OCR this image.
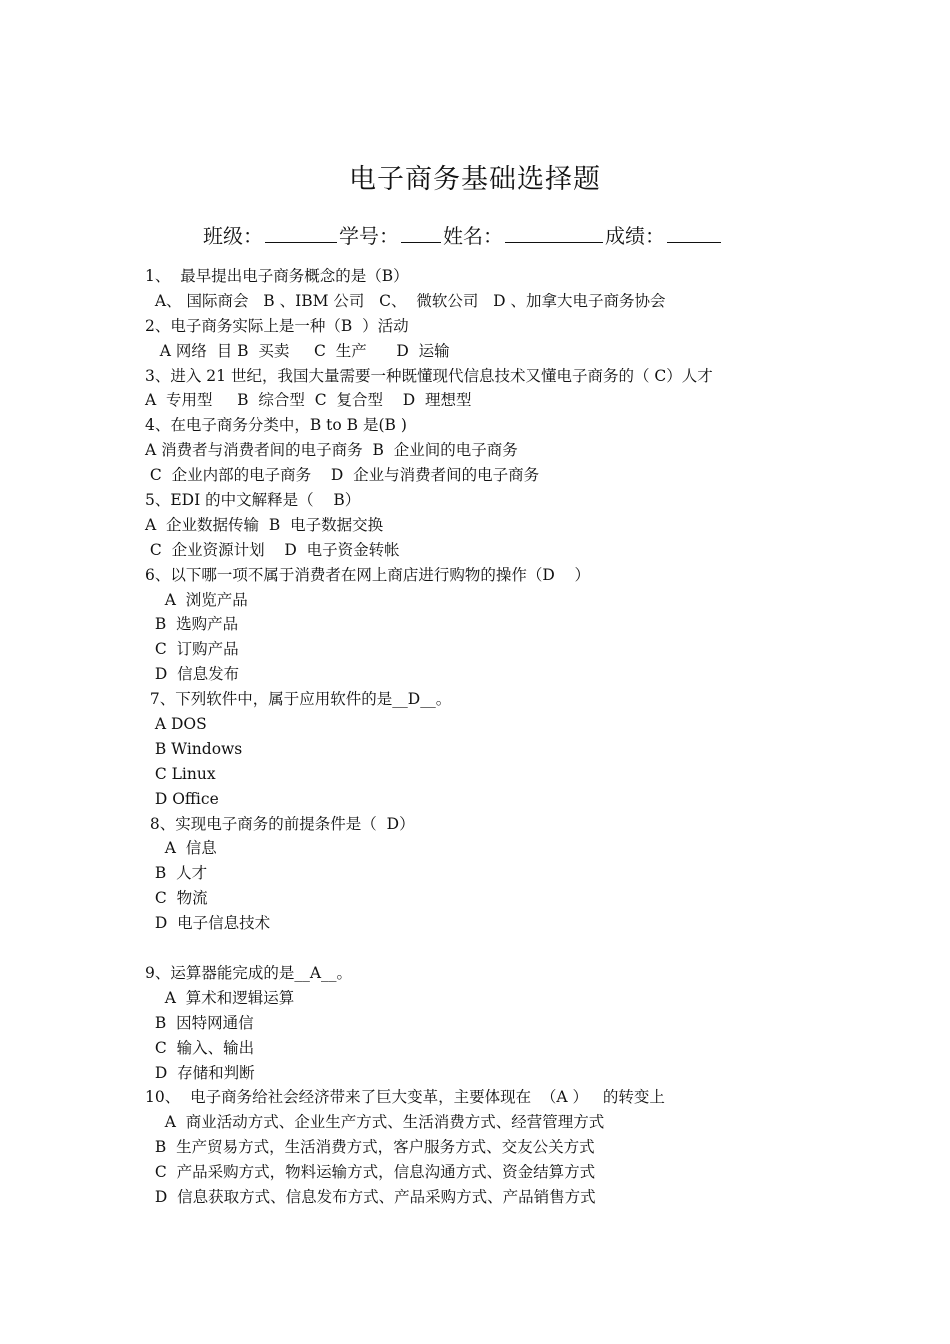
电子商务基础选择题
班级：	学号： 姓名：	成绩：
1、  最早提出电子商务概念的是（B）
A、 国际商会   B 、IBM 公司   C、  微软公司   D 、加拿大电子商务协会
2、电子商务实际上是一种（B  ）活动
A 网络  目 B  买卖     C  生产      D  运输
3、进入 21 世纪，我国大量需要一种既懂现代信息技术又懂电子商务的（ C）人才
A  专用型     B  综合型  C  复合型    D  理想型
4、在电子商务分类中，B to B 是(B )
A 消费者与消费者间的电子商务  B  企业间的电子商务
C  企业内部的电子商务    D  企业与消费者间的电子商务
5、EDI 的中文解释是（    B）
A  企业数据传输  B  电子数据交换
C  企业资源计划    D  电子资金转帐
6、以下哪一项不属于消费者在网上商店进行购物的操作（D    ）
A  浏览产品
B  选购产品
C  订购产品
D  信息发布
7、下列软件中，属于应用软件的是__D__。
A DOS
B Windows
C Linux
D Office
8、实现电子商务的前提条件是（  D）
A  信息
B  人才
C  物流
D  电子信息技术
9、运算器能完成的是__A__。
A  算术和逻辑运算
B  因特网通信
C  输入、输出
D  存储和判断
10、  电子商务给社会经济带来了巨大变革，主要体现在  （A ）   的转变上
A  商业活动方式、企业生产方式、生活消费方式、经营管理方式
B  生产贸易方式，生活消费方式，客户服务方式、交友公关方式
C  产品采购方式，物料运输方式，信息沟通方式、资金结算方式
D  信息获取方式、信息发布方式、产品采购方式、产品销售方式
